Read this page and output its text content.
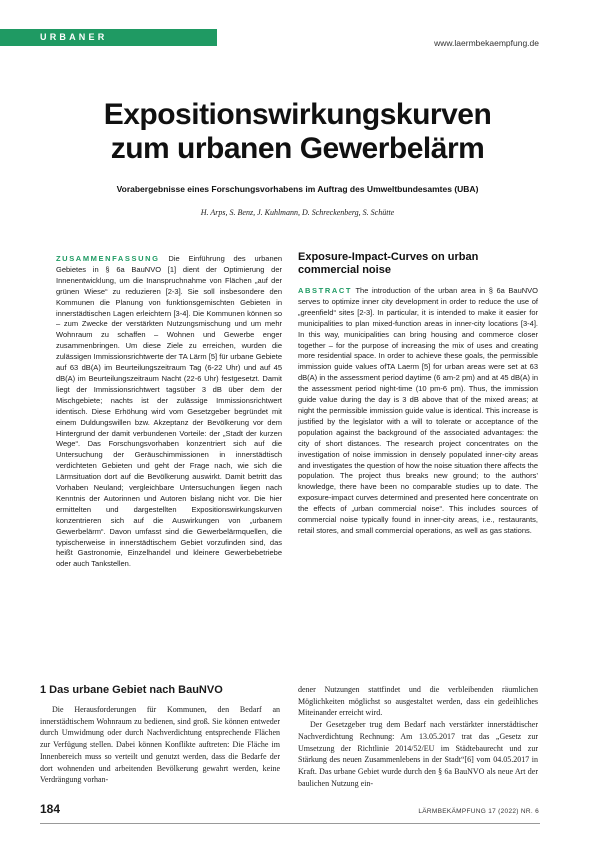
URBANER GEWERBELÄRM
www.laermbekaempfung.de
Expositionswirkungskurven
zum urbanen Gewerbelärm
Vorabergebnisse eines Forschungsvorhabens im Auftrag des Umweltbundesamtes (UBA)
H. Arps, S. Benz, J. Kuhlmann, D. Schreckenberg, S. Schütte
ZUSAMMENFASSUNG Die Einführung des urbanen Gebietes in § 6a BauNVO [1] dient der Optimierung der Innenentwicklung, um die Inanspruchnahme von Flächen „auf der grünen Wiese“ zu reduzieren [2-3]. Sie soll insbesondere den Kommunen die Planung von funktionsgemischten Gebieten in innerstädtischen Lagen erleichtern [3-4]. Die Kommunen können so – zum Zwecke der verstärkten Nutzungsmischung und um mehr Wohnraum zu schaffen – Wohnen und Gewerbe enger zusammenbringen. Um diese Ziele zu erreichen, wurden die zulässigen Immissionsrichtwerte der TA Lärm [5] für urbane Gebiete auf 63 dB(A) im Beurteilungszeitraum Tag (6-22 Uhr) und auf 45 dB(A) im Beurteilungszeitraum Nacht (22-6 Uhr) festgesetzt. Damit liegt der Immissionsrichtwert tagsüber 3 dB über dem der Mischgebiete; nachts ist der zulässige Immissionsrichtwert identisch. Diese Erhöhung wird vom Gesetzgeber begründet mit einem Duldungswillen bzw. Akzeptanz der Bevölkerung vor dem Hintergrund der damit verbundenen Vorteile: der „Stadt der kurzen Wege“. Das Forschungsvorhaben konzentriert sich auf die Untersuchung der Geräuschimmissionen in innerstädtisch verdichteten Gebieten und geht der Frage nach, wie sich die Lärmsituation dort auf die Bevölkerung auswirkt. Damit betritt das Vorhaben Neuland; vergleichbare Untersuchungen liegen nach Kenntnis der Autorinnen und Autoren bislang nicht vor. Die hier ermittelten und dargestellten Expositionswirkungskurven konzentrieren sich auf die Auswirkungen von „urbanem Gewerbelärm“. Davon umfasst sind die Gewerbelärmquellen, die typischerweise in innerstädtischem Gebiet vorzufinden sind, das heißt Gastronomie, Einzelhandel und kleinere Gewerbebetriebe oder auch Tankstellen.
Exposure-Impact-Curves on urban commercial noise
ABSTRACT The introduction of the urban area in § 6a BauNVO serves to optimize inner city development in order to reduce the use of „greenfield“ sites [2-3]. In particular, it is intended to make it easier for municipalities to plan mixed-function areas in inner-city locations [3-4]. In this way, municipalities can bring housing and commerce closer together – for the purpose of increasing the mix of uses and creating more residential space. In order to achieve these goals, the permissible immission guide values ofTA Laerm [5] for urban areas were set at 63 dB(A) in the assessment period daytime (6 am-2 pm) and at 45 dB(A) in the assessment period night-time (10 pm-6 pm). Thus, the immission guide value during the day is 3 dB above that of the mixed areas; at night the permissible immission guide value is identical. This increase is justified by the legislator with a will to tolerate or acceptance of the population against the background of the associated advantages: the city of short distances. The research project concentrates on the investigation of noise immission in densely populated inner-city areas and investigates the question of how the noise situation there affects the population. The project thus breaks new ground; to the authors’ knowledge, there have been no comparable studies up to date. The exposure-impact curves determined and presented here concentrate on the effects of „urban commercial noise“. This includes sources of commercial noise typically found in inner-city areas, i.e., restaurants, retail stores, and small commercial operations, as well as gas stations.
1 Das urbane Gebiet nach BauNVO
Die Herausforderungen für Kommunen, den Bedarf an innerstädtischem Wohnraum zu bedienen, sind groß. Sie können entweder durch Umwidmung oder durch Nachverdichtung entsprechende Flächen zur Verfügung stellen. Dabei können Konflikte auftreten: Die Fläche im Innenbereich muss so verteilt und genutzt werden, dass die Bedarfe der dort wohnenden und arbeitenden Bevölkerung gewahrt werden, keine Verdrängung vorhan-

dener Nutzungen stattfindet und die verbleibenden räumlichen Möglichkeiten möglichst so ausgestaltet werden, dass ein gedeihliches Miteinander erreicht wird.

Der Gesetzgeber trug dem Bedarf nach verstärkter innerstädtischer Nachverdichtung Rechnung: Am 13.05.2017 trat das „Gesetz zur Umsetzung der Richtlinie 2014/52/EU im Städtebaurecht und zur Stärkung des neuen Zusammenlebens in der Stadt“[6] vom 04.05.2017 in Kraft. Das urbane Gebiet wurde durch den § 6a BauNVO als neue Art der baulichen Nutzung ein-

184	LÄRMBEKÄMPFUNG 17 (2022) NR. 6
